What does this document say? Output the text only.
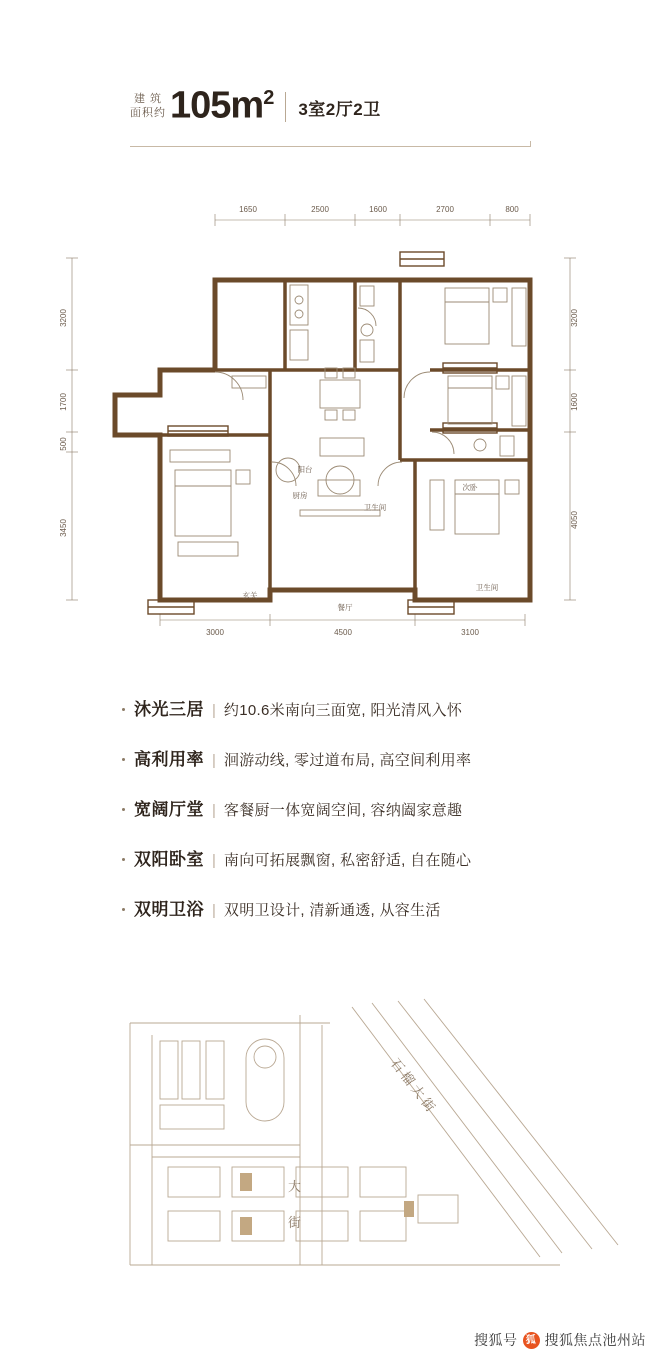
建 筑
面积约 $105m^2$
3室2厅2卫
1650	2500	1600	2700	800
3200
1700
500
3450
3200
1600
4050
3000	4500	3100
厨房
阳台
卫生间
次卧
餐厅
卫生间
玄关
沐光三居 | 约10.6米南向三面宽, 阳光清风入怀
高利用率 | 洄游动线, 零过道布局, 高空间利用率
宽阔厅堂 | 客餐厨一体宽阔空间, 容纳阖家意趣
双阳卧室 | 南向可拓展飘窗, 私密舒适, 自在随心
双明卫浴 | 双明卫设计, 清新通透, 从容生活
石 榴 大 街
大
街
搜狐号 狐 搜狐焦点池州站
